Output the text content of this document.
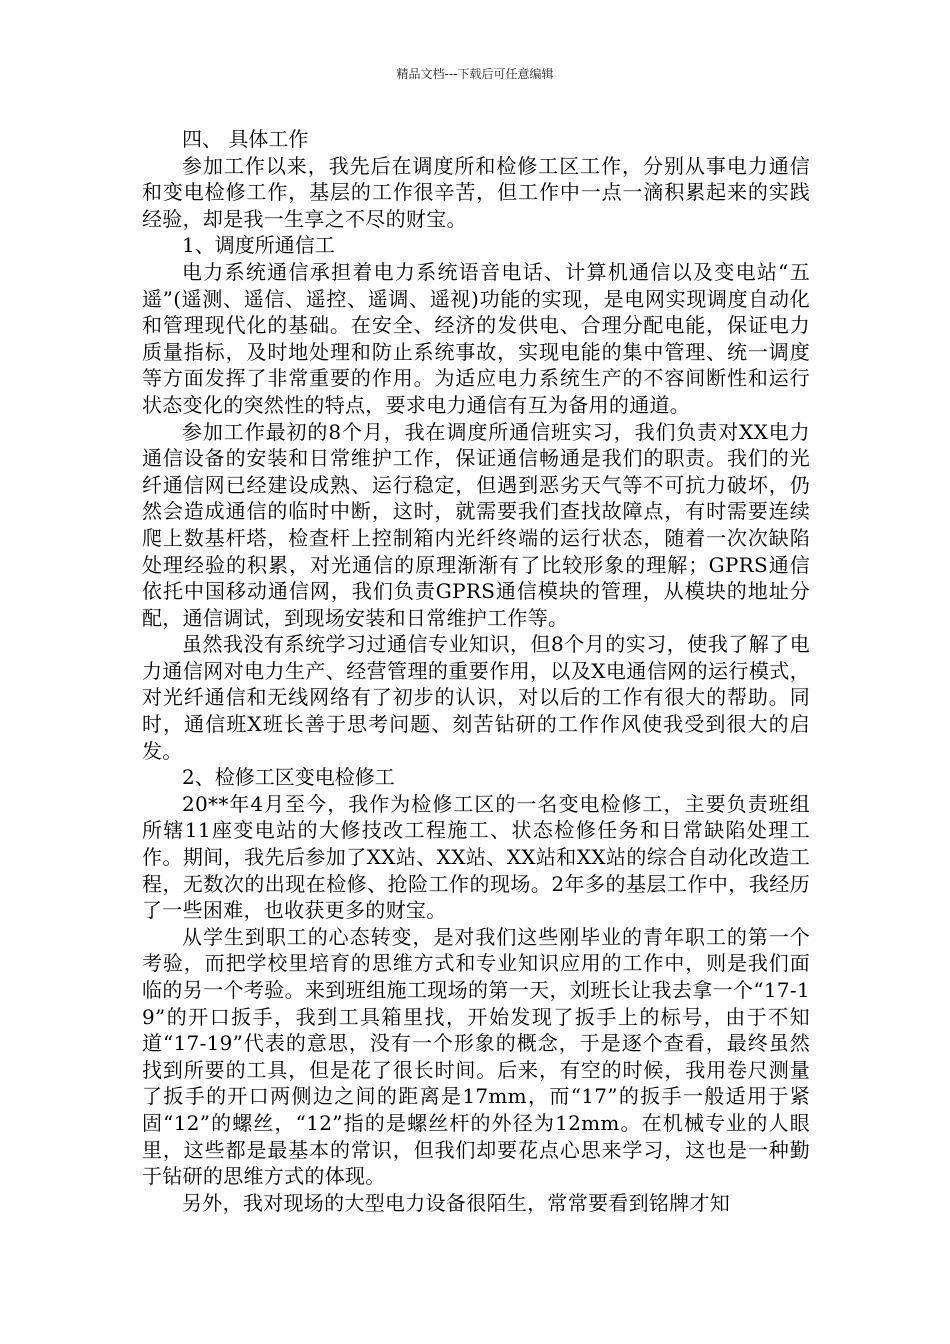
精品文档---下载后可任意编辑

四、 具体工作

参加工作以来，我先后在调度所和检修工区工作，分别从事电力通信和变电检修工作，基层的工作很辛苦，但工作中一点一滴积累起来的实践经验，却是我一生享之不尽的财宝。

1、调度所通信工

电力系统通信承担着电力系统语音电话、计算机通信以及变电站“五遥”(遥测、遥信、遥控、遥调、遥视)功能的实现，是电网实现调度自动化和管理现代化的基础。在安全、经济的发供电、合理分配电能，保证电力质量指标，及时地处理和防止系统事故，实现电能的集中管理、统一调度等方面发挥了非常重要的作用。为适应电力系统生产的不容间断性和运行状态变化的突然性的特点，要求电力通信有互为备用的通道。

参加工作最初的8个月，我在调度所通信班实习，我们负责对XX电力通信设备的安装和日常维护工作，保证通信畅通是我们的职责。我们的光纤通信网已经建设成熟、运行稳定，但遇到恶劣天气等不可抗力破坏，仍然会造成通信的临时中断，这时，就需要我们查找故障点，有时需要连续爬上数基杆塔，检查杆上控制箱内光纤终端的运行状态，随着一次次缺陷处理经验的积累，对光通信的原理渐渐有了比较形象的理解；GPRS通信依托中国移动通信网，我们负责GPRS通信模块的管理，从模块的地址分配，通信调试，到现场安装和日常维护工作等。

虽然我没有系统学习过通信专业知识，但8个月的实习，使我了解了电力通信网对电力生产、经营管理的重要作用，以及X电通信网的运行模式，对光纤通信和无线网络有了初步的认识，对以后的工作有很大的帮助。同时，通信班X班长善于思考问题、刻苦钻研的工作作风使我受到很大的启发。

2、检修工区变电检修工

20**年4月至今，我作为检修工区的一名变电检修工，主要负责班组所辖11座变电站的大修技改工程施工、状态检修任务和日常缺陷处理工作。期间，我先后参加了XX站、XX站、XX站和XX站的综合自动化改造工程，无数次的出现在检修、抢险工作的现场。2年多的基层工作中，我经历了一些困难，也收获更多的财宝。

从学生到职工的心态转变，是对我们这些刚毕业的青年职工的第一个考验，而把学校里培育的思维方式和专业知识应用的工作中，则是我们面临的另一个考验。来到班组施工现场的第一天，刘班长让我去拿一个“17-19”的开口扳手，我到工具箱里找，开始发现了扳手上的标号，由于不知道“17-19”代表的意思，没有一个形象的概念，于是逐个查看，最终虽然找到所要的工具，但是花了很长时间。后来，有空的时候，我用卷尺测量了扳手的开口两侧边之间的距离是17mm，而“17”的扳手一般适用于紧固“12”的螺丝，“12”指的是螺丝杆的外径为12mm。在机械专业的人眼里，这些都是最基本的常识，但我们却要花点心思来学习，这也是一种勤于钻研的思维方式的体现。

另外，我对现场的大型电力设备很陌生，常常要看到铭牌才知
